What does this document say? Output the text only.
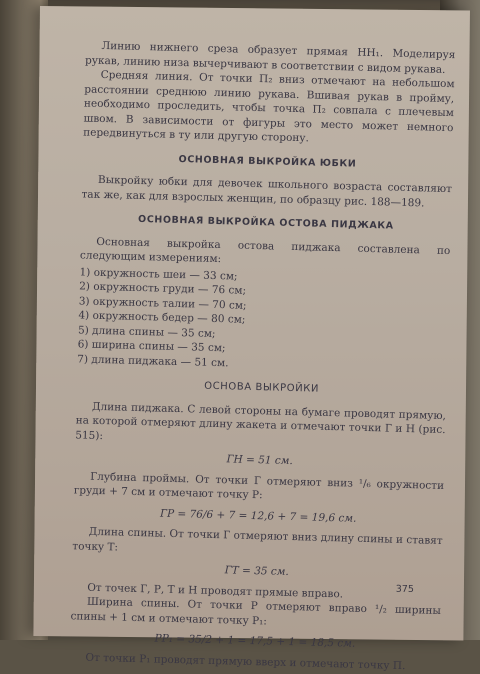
Линию нижнего среза образует прямая НН₁. Моделируя рукав, линию низа вычерчивают в соответствии с видом рукава.

Средняя линия. От точки П₂ вниз отмечают на небольшом расстоянии среднюю линию рукава. Вшивая рукав в пройму, необходимо проследить, чтобы точка П₂ совпала с плечевым швом. В зависимости от фигуры это место может немного передвинуться в ту или другую сторону.

ОСНОВНАЯ ВЫКРОЙКА ЮБКИ

Выкройку юбки для девочек школьного возраста составляют так же, как для взрослых женщин, по образцу рис. 188—189.

ОСНОВНАЯ ВЫКРОЙКА ОСТОВА ПИДЖАКА

Основная выкройка остова пиджака составлена по следующим измерениям:

1) окружность шеи — 33 см;
2) окружность груди — 76 см;
3) окружность талии — 70 см;
4) окружность бедер — 80 см;
5) длина спины — 35 см;
6) ширина спины — 35 см;
7) длина пиджака — 51 см.
ОСНОВА ВЫКРОЙКИ

Длина пиджака. С левой стороны на бумаге проводят прямую, на которой отмеряют длину жакета и отмечают точки Г и Н (рис. 515):

ГН = 51 см.

Глубина проймы. От точки Г отмеряют вниз ¹/₆ окружности груди + 7 см и отмечают точку Р:

ГР = 76/6 + 7 = 12,6 + 7 = 19,6 см.

Длина спины. От точки Г отмеряют вниз длину спины и ставят точку Т:

ГТ = 35 см.

От точек Г, Р, Т и Н проводят прямые вправо.

Ширина спины. От точки Р отмеряют вправо ¹/₂ ширины спины + 1 см и отмечают точку Р₁:

РР₁ = 35/2 + 1 = 17,5 + 1 = 18,5 см.

От точки Р₁ проводят прямую вверх и отмечают точку П.

375
